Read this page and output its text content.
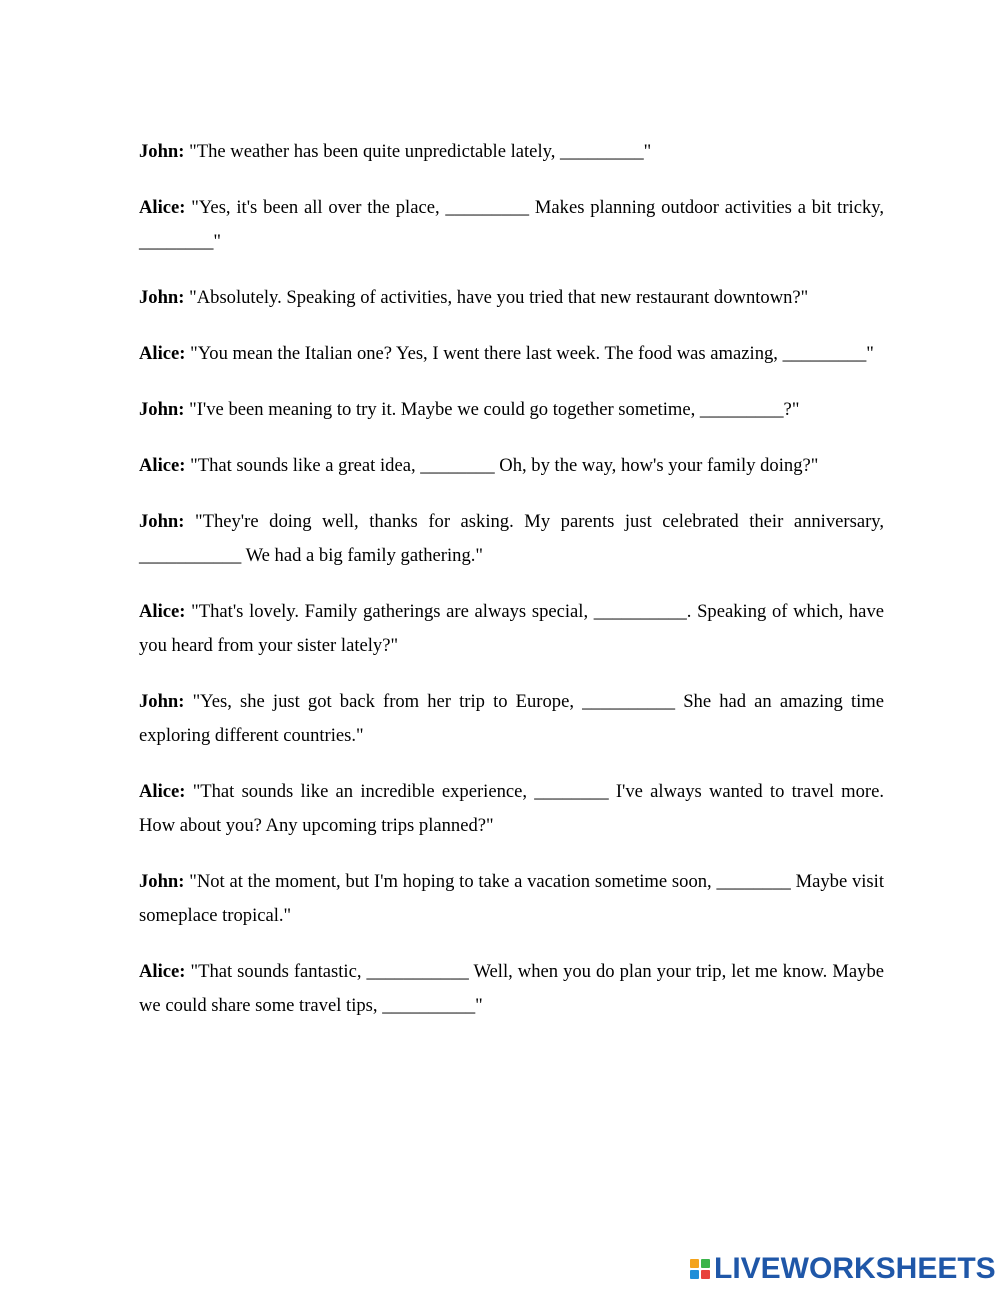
John: "The weather has been quite unpredictable lately, _________"

Alice: "Yes, it's been all over the place, _________ Makes planning outdoor activities a bit tricky, ________"

John: "Absolutely. Speaking of activities, have you tried that new restaurant downtown?"

Alice: "You mean the Italian one? Yes, I went there last week. The food was amazing, _________"

John: "I've been meaning to try it. Maybe we could go together sometime, _________?"

Alice: "That sounds like a great idea, ________ Oh, by the way, how's your family doing?"

John: "They're doing well, thanks for asking. My parents just celebrated their anniversary, ___________ We had a big family gathering."

Alice: "That's lovely. Family gatherings are always special, __________. Speaking of which, have you heard from your sister lately?"

John: "Yes, she just got back from her trip to Europe, __________ She had an amazing time exploring different countries."

Alice: "That sounds like an incredible experience, ________ I've always wanted to travel more. How about you? Any upcoming trips planned?"

John: "Not at the moment, but I'm hoping to take a vacation sometime soon, ________ Maybe visit someplace tropical."

Alice: "That sounds fantastic, ___________ Well, when you do plan your trip, let me know. Maybe we could share some travel tips, __________"

LIVEWORKSHEETS
